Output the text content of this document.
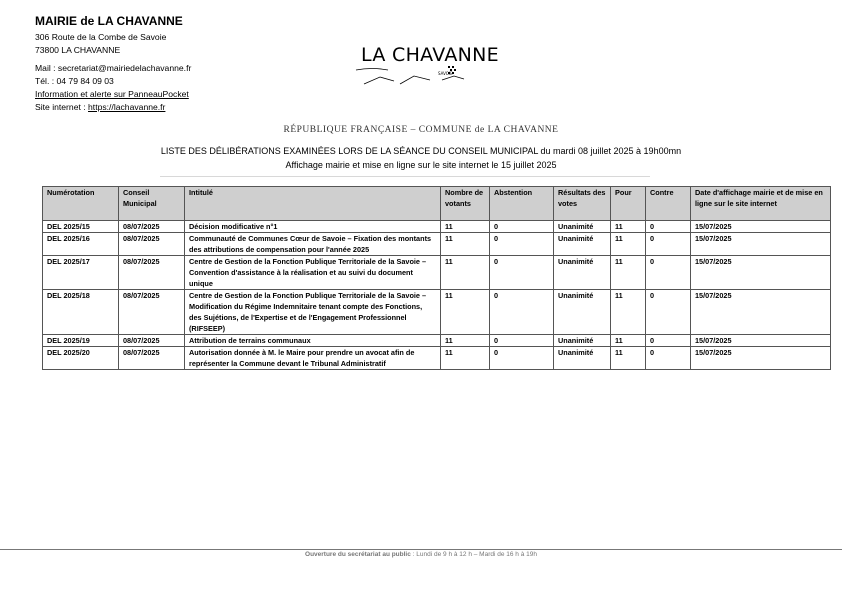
MAIRIE de LA CHAVANNE
306 Route de la Combe de Savoie
73800 LA CHAVANNE
Mail : secretariat@mairiedelachavanne.fr
Tél. : 04 79 84 09 03
Information et alerte sur PanneauPocket
Site internet : https://lachavanne.fr
LA CHAVANNE
SAVOIE
RÉPUBLIQUE FRANÇAISE – COMMUNE de LA CHAVANNE
LISTE DES DÉLIBÉRATIONS EXAMINÉES LORS DE LA SÉANCE DU CONSEIL MUNICIPAL du mardi 08 juillet 2025 à 19h00mn
Affichage mairie et mise en ligne sur le site internet le 15 juillet 2025
Numérotation	Conseil Municipal	Intitulé	Nombre de votants	Abstention	Résultats des votes	Pour	Contre	Date d'affichage mairie et de mise en ligne sur le site internet
DEL 2025/15	08/07/2025	Décision modificative n°1	11	0	Unanimité	11	0	15/07/2025
DEL 2025/16	08/07/2025	Communauté de Communes Cœur de Savoie – Fixation des montants des attributions de compensation pour l'année 2025	11	0	Unanimité	11	0	15/07/2025
DEL 2025/17	08/07/2025	Centre de Gestion de la Fonction Publique Territoriale de la Savoie – Convention d'assistance à la réalisation et au suivi du document unique	11	0	Unanimité	11	0	15/07/2025
DEL 2025/18	08/07/2025	Centre de Gestion de la Fonction Publique Territoriale de la Savoie – Modification du Régime Indemnitaire tenant compte des Fonctions, des Sujétions, de l'Expertise et de l'Engagement Professionnel (RIFSEEP)	11	0	Unanimité	11	0	15/07/2025
DEL 2025/19	08/07/2025	Attribution de terrains communaux	11	0	Unanimité	11	0	15/07/2025
DEL 2025/20	08/07/2025	Autorisation donnée à M. le Maire pour prendre un avocat afin de représenter la Commune devant le Tribunal Administratif	11	0	Unanimité	11	0	15/07/2025
Ouverture du secrétariat au public : Lundi de 9 h à 12 h – Mardi de 16 h à 19h
